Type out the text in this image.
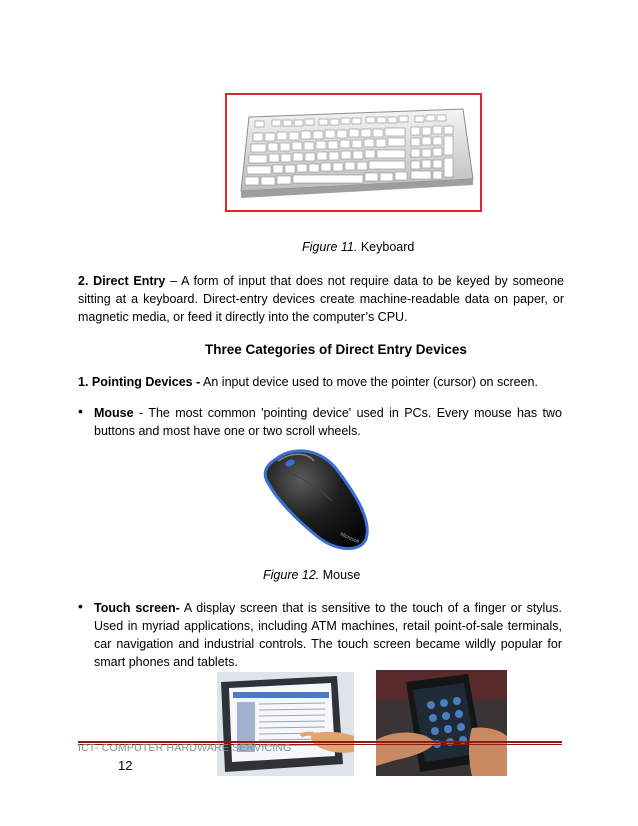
Figure 11. Keyboard
2. Direct Entry – A form of input that does not require data to be keyed by someone sitting at a keyboard. Direct-entry devices create machine-readable data on paper, or magnetic media, or feed it directly into the computer’s CPU.
Three Categories of Direct Entry Devices
1. Pointing Devices - An input device used to move the pointer (cursor) on screen.
• Mouse - The most common 'pointing device' used in PCs. Every mouse has two buttons and most have one or two scroll wheels.
Microsoft
Figure 12. Mouse
• Touch screen- A display screen that is sensitive to the touch of a finger or stylus. Used in myriad applications, including ATM machines, retail point-of-sale terminals, car navigation and industrial controls. The touch screen became wildly popular for smart phones and tablets.
ICT- COMPUTER HARDWARE SERVICING
12
